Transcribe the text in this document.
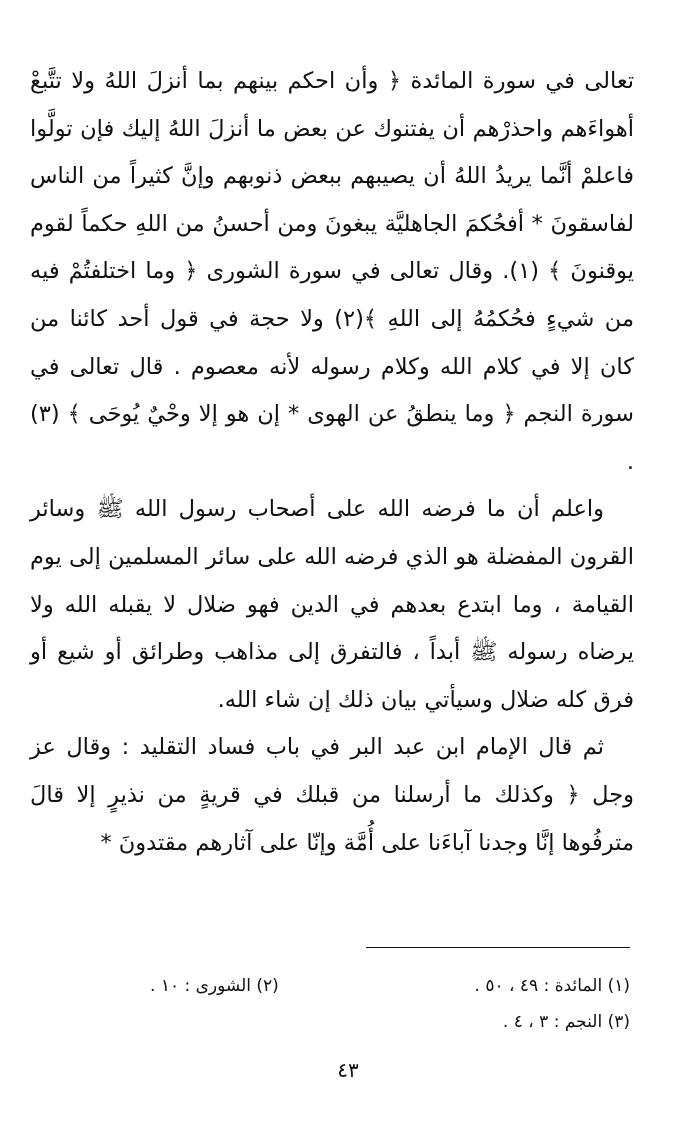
تعالى في سورة المائدة ﴿ وأن احكم بينهم بما أنزلَ اللهُ ولا تتَّبعْ أهواءَهم واحذرْهم أن يفتنوك عن بعض ما أنزلَ اللهُ إليك فإن تولَّوا فاعلمْ أنَّما يريدُ اللهُ أن يصيبهم ببعض ذنوبهم وإنَّ كثيراً من الناس لفاسقونَ * أفحُكمَ الجاهليَّة يبغونَ ومن أحسنُ من اللهِ حكماً لقوم يوقنونَ ﴾ (١). وقال تعالى في سورة الشورى ﴿ وما اختلفتُمْ فيه من شيءٍ فحُكمُهُ إلى اللهِ ﴾(٢) ولا حجة في قول أحد كائنا من كان إلا في كلام الله وكلام رسوله لأنه معصوم . قال تعالى في سورة النجم ﴿ وما ينطقُ عن الهوى * إن هو إلا وحْيٌ يُوحَى ﴾ (٣) .

واعلم أن ما فرضه الله على أصحاب رسول الله ﷺ وسائر القرون المفضلة هو الذي فرضه الله على سائر المسلمين إلى يوم القيامة ، وما ابتدع بعدهم في الدين فهو ضلال لا يقبله الله ولا يرضاه رسوله ﷺ أبداً ، فالتفرق إلى مذاهب وطرائق أو شيع أو فرق كله ضلال وسيأتي بيان ذلك إن شاء الله.

ثم قال الإمام ابن عبد البر في باب فساد التقليد : وقال عز وجل ﴿ وكذلك ما أرسلنا من قبلك في قريةٍ من نذيرٍ إلا قالَ مترفُوها إنَّا وجدنا آباءَنا على أُمَّة وإنّا على آثارهم مقتدونَ *

(١) المائدة : ٤٩ ، ٥٠ .
(٢) الشورى : ١٠ .
(٣) النجم : ٣ ، ٤ .
٤٣
